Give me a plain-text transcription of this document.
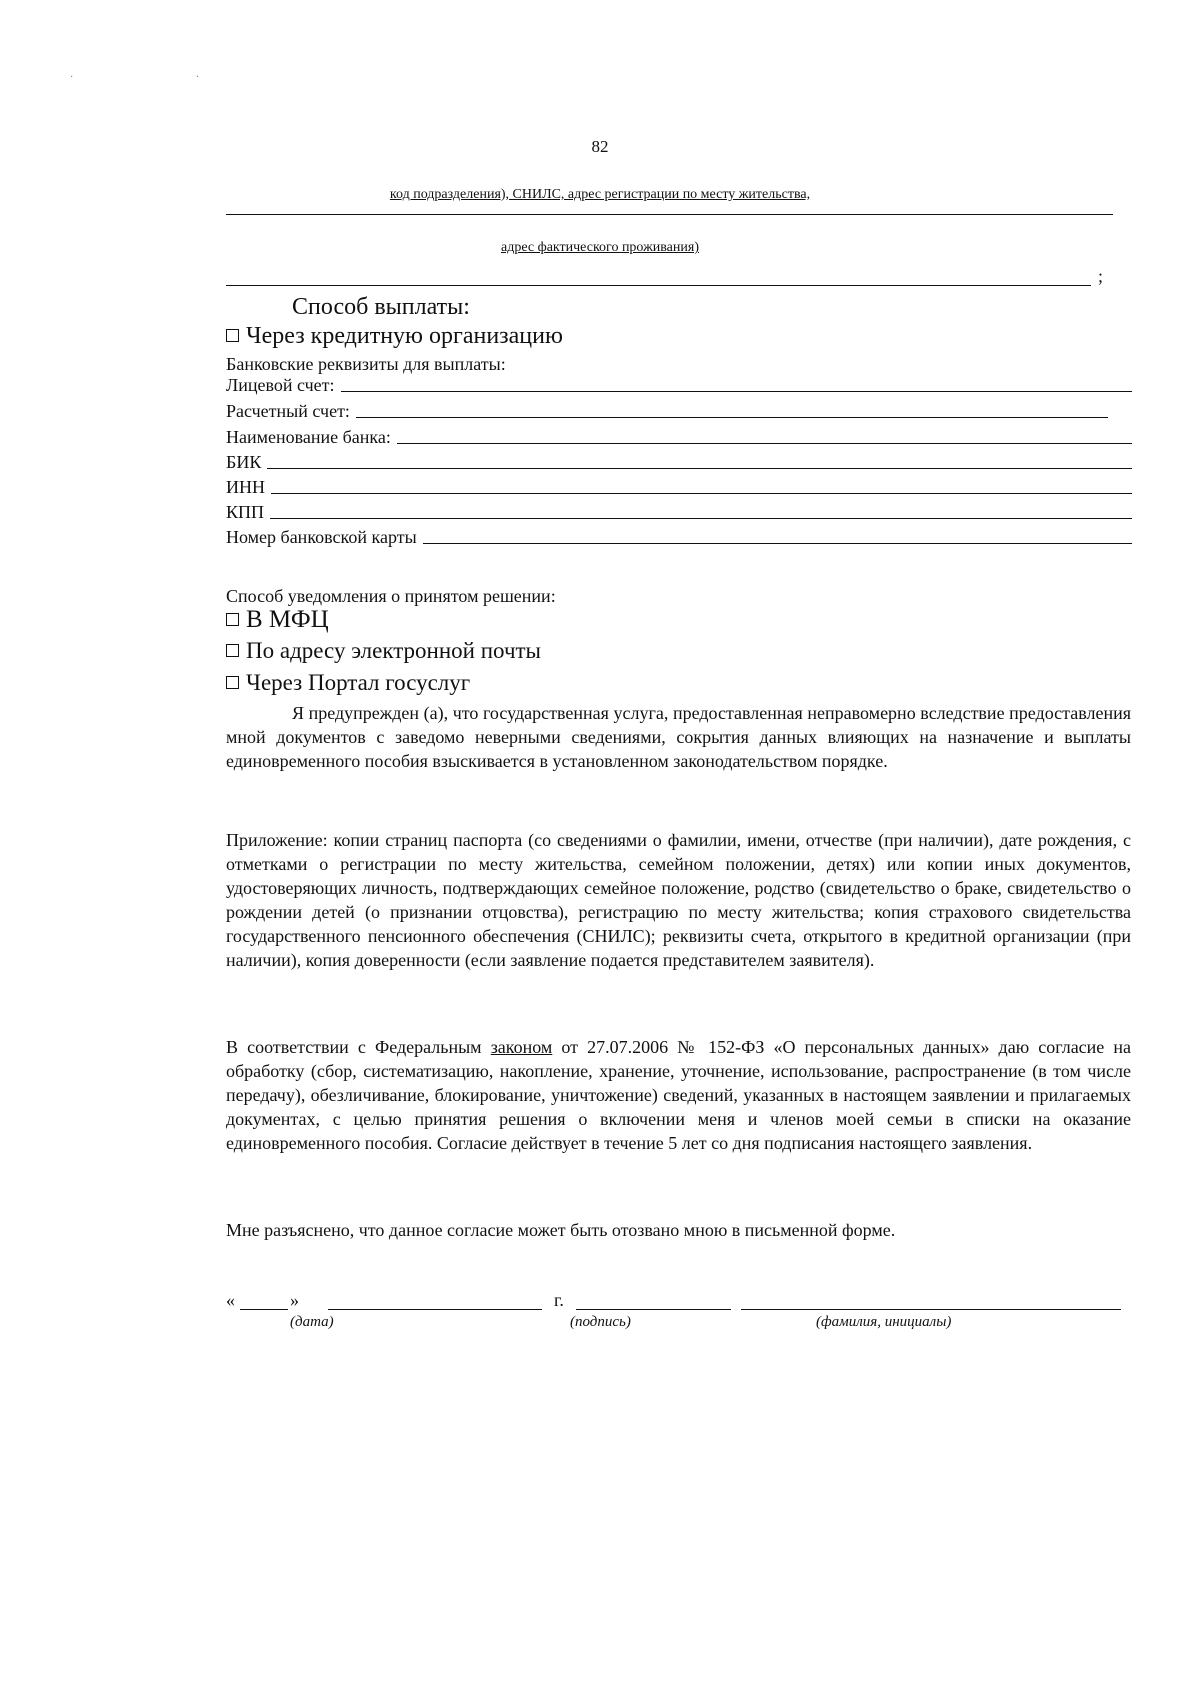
· ·
82
код подразделения), СНИЛС, адрес регистрации по месту жительства,
адрес фактического проживания)
;
Способ выплаты:
Через кредитную организацию
Банковские реквизиты для выплаты:
Лицевой счет:
Расчетный счет:
Наименование банка:
БИК
ИНН
КПП
Номер банковской карты
Способ уведомления о принятом решении:
В МФЦ
По адресу электронной почты
Через Портал госуслуг
Я предупрежден (а), что государственная услуга, предоставленная неправомерно вследствие предоставления мной документов с заведомо неверными сведениями, сокрытия данных влияющих на назначение и выплаты единовременного пособия взыскивается в установленном законодательством порядке.
Приложение: копии страниц паспорта (со сведениями о фамилии, имени, отчестве (при наличии), дате рождения, с отметками о регистрации по месту жительства, семейном положении, детях) или копии иных документов, удостоверяющих личность, подтверждающих семейное положение, родство (свидетельство о браке, свидетельство о рождении детей (о признании отцовства), регистрацию по месту жительства; копия страхового свидетельства государственного пенсионного обеспечения (СНИЛС); реквизиты счета, открытого в кредитной организации (при наличии), копия доверенности (если заявление подается представителем заявителя).
В соответствии с Федеральным законом от 27.07.2006 № 152-ФЗ «О персональных данных» даю согласие на обработку (сбор, систематизацию, накопление, хранение, уточнение, использование, распространение (в том числе передачу), обезличивание, блокирование, уничтожение) сведений, указанных в настоящем заявлении и прилагаемых документах, с целью принятия решения о включении меня и членов моей семьи в списки на оказание единовременного пособия. Согласие действует в течение 5 лет со дня подписания настоящего заявления.
Мне разъяснено, что данное согласие может быть отозвано мною в письменной форме.
«	»	г.
(дата)	(подпись)	(фамилия, инициалы)
